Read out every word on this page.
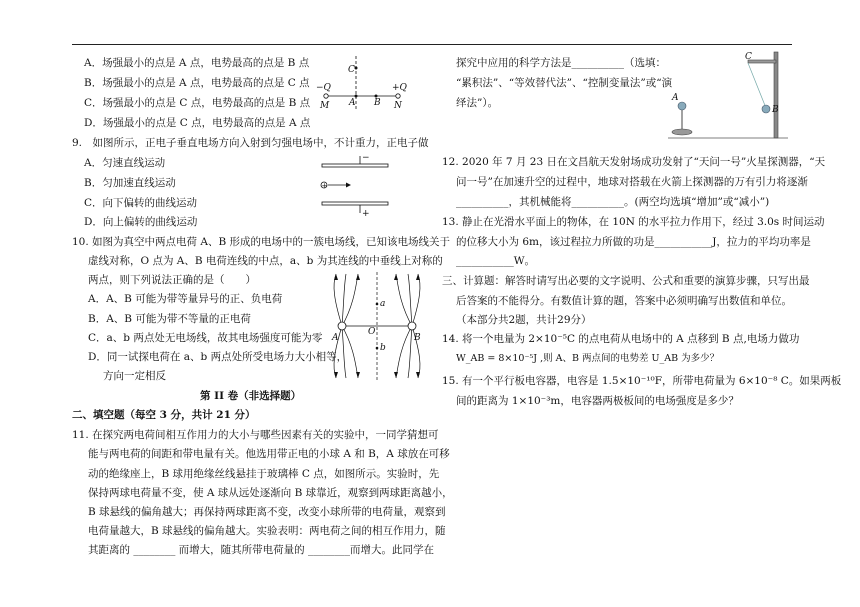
A．场强最小的点是 A 点，电势最高的点是 B 点
B．场强最小的点是 A 点，电势最高的点是 C 点
C．场强最小的点是 C 点，电势最高的点是 B 点
D．场强最小的点是 C 点，电势最高的点是 A 点
9.　如图所示，正电子垂直电场方向入射到匀强电场中，不计重力，正电子做
A．匀速直线运动
B．匀加速直线运动
C．向下偏转的曲线运动
D．向上偏转的曲线运动
10. 如图为真空中两点电荷 A、B 形成的电场中的一簇电场线，已知该电场线关于
虚线对称，O 点为 A、B 电荷连线的中点，a、b 为其连线的中垂线上对称的
两点，则下列说法正确的是（　　）
A．A、B 可能为带等量异号的正、负电荷
B．A、B 可能为带不等量的正电荷
C．a、b 两点处无电场线，故其电场强度可能为零
D．同一试探电荷在 a、b 两点处所受电场力大小相等，
方向一定相反
第 II 卷（非选择题）
二、填空题（每空 3 分，共计 21 分）
11. 在探究两电荷间相互作用力的大小与哪些因素有关的实验中，一同学猜想可
能与两电荷的间距和带电量有关。他选用带正电的小球 A 和 B，A 球放在可移
动的绝缘座上，B 球用绝缘丝线悬挂于玻璃棒 C 点，如图所示。实验时，先
保持两球电荷量不变，使 A 球从远处逐渐向 B 球靠近，观察到两球距离越小，
B 球悬线的偏角越大；再保持两球距离不变，改变小球所带的电荷量，观察到
电荷量越大，B 球悬线的偏角越大。实验表明：两电荷之间的相互作用力，随
其距离的 ________ 而增大，随其所带电荷量的 ________而增大。此同学在
探究中应用的科学方法是__________（选填：
“累积法”、“等效替代法”、“控制变量法”或“演
绎法”）。
12. 2020 年 7 月 23 日在文昌航天发射场成功发射了“天问一号”火星探测器，“天
问一号”在加速升空的过程中，地球对搭载在火箭上探测器的万有引力将逐渐
__________，其机械能将__________。(两空均选填“增加”或“减小”)
13. 静止在光滑水平面上的物体，在 10N 的水平拉力作用下，经过 3.0s 时间运动
的位移大小为 6m，该过程拉力所做的功是___________J，拉力的平均功率是
___________W。
三、计算题：解答时请写出必要的文字说明、公式和重要的演算步骤，只写出最
后答案的不能得分。有数值计算的题，答案中必须明确写出数值和单位。
（本部分共2题，共计29分）
14. 将一个电量为 2×10⁻⁵C 的点电荷从电场中的 A 点移到 B 点,电场力做功
W_AB = 8×10⁻⁵J ,则 A、B 两点间的电势差 U_AB 为多少？
15. 有一个平行板电容器，电容是 1.5×10⁻¹⁰F，所带电荷量为 6×10⁻⁸ C。如果两板
间的距离为 1×10⁻³m，电容器两极板间的电场强度是多少？
C
−Q
M A B
+Q
N
−
+
+
a
O
b
A	B
C
A
B
